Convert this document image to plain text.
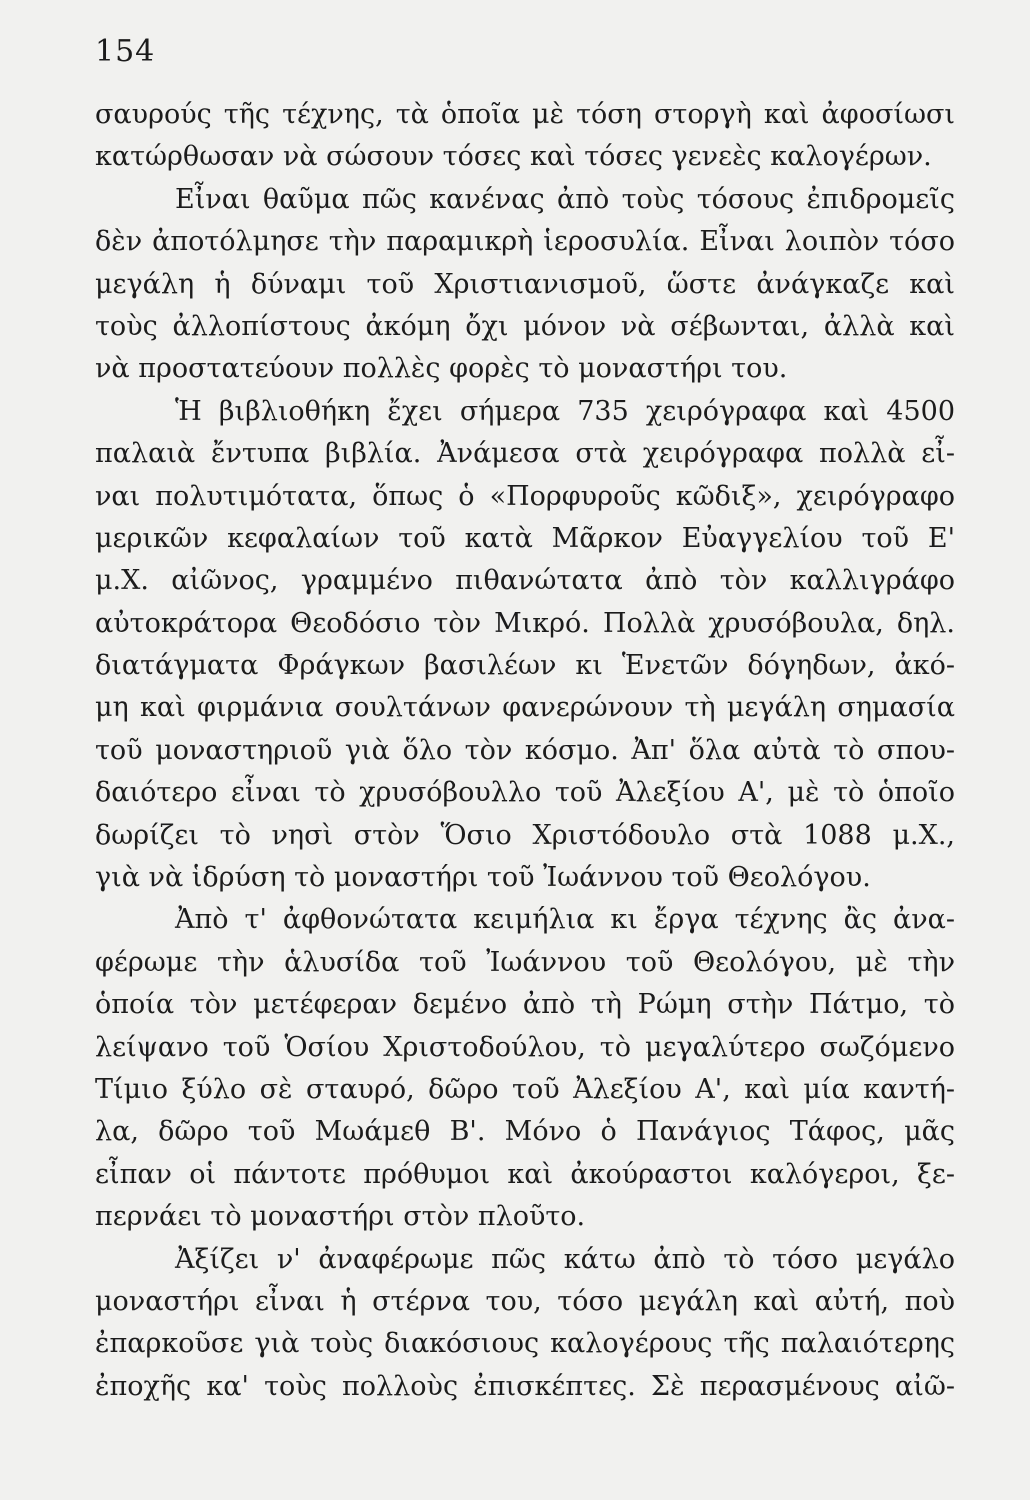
154
σαυρούς τῆς τέχνης, τὰ ὁποῖα μὲ τόση στοργὴ καὶ ἀφοσίωσι
κατώρθωσαν νὰ σώσουν τόσες καὶ τόσες γενεὲς καλογέρων.
Εἶναι θαῦμα πῶς κανένας ἀπὸ τοὺς τόσους ἐπιδρομεῖς
δὲν ἀποτόλμησε τὴν παραμικρὴ ἱεροσυλία. Εἶναι λοιπὸν τόσο
μεγάλη ἡ δύναμι τοῦ Χριστιανισμοῦ, ὥστε ἀνάγκαζε καὶ
τοὺς ἀλλοπίστους ἀκόμη ὄχι μόνον νὰ σέβωνται, ἀλλὰ καὶ
νὰ προστατεύουν πολλὲς φορὲς τὸ μοναστήρι του.
Ἡ βιβλιοθήκη ἔχει σήμερα 735 χειρόγραφα καὶ 4500
παλαιὰ ἔντυπα βιβλία. Ἀνάμεσα στὰ χειρόγραφα πολλὰ εἶ-
ναι πολυτιμότατα, ὅπως ὁ «Πορφυροῦς κῶδιξ», χειρόγραφο
μερικῶν κεφαλαίων τοῦ κατὰ Μᾶρκον Εὐαγγελίου τοῦ Ε'
μ.Χ. αἰῶνος, γραμμένο πιθανώτατα ἀπὸ τὸν καλλιγράφο
αὐτοκράτορα Θεοδόσιο τὸν Μικρό. Πολλὰ χρυσόβουλα, δηλ.
διατάγματα Φράγκων βασιλέων κι Ἑνετῶν δόγηδων, ἀκό-
μη καὶ φιρμάνια σουλτάνων φανερώνουν τὴ μεγάλη σημασία
τοῦ μοναστηριοῦ γιὰ ὅλο τὸν κόσμο. Ἀπ' ὅλα αὐτὰ τὸ σπου-
δαιότερο εἶναι τὸ χρυσόβουλλο τοῦ Ἀλεξίου Α', μὲ τὸ ὁποῖο
δωρίζει τὸ νησὶ στὸν Ὅσιο Χριστόδουλο στὰ 1088 μ.Χ.,
γιὰ νὰ ἱδρύση τὸ μοναστήρι τοῦ Ἰωάννου τοῦ Θεολόγου.
Ἀπὸ τ' ἀφθονώτατα κειμήλια κι ἔργα τέχνης ἂς ἀνα-
φέρωμε τὴν ἁλυσίδα τοῦ Ἰωάννου τοῦ Θεολόγου, μὲ τὴν
ὁποία τὸν μετέφεραν δεμένο ἀπὸ τὴ Ρώμη στὴν Πάτμο, τὸ
λείψανο τοῦ Ὁσίου Χριστοδούλου, τὸ μεγαλύτερο σωζόμενο
Τίμιο ξύλο σὲ σταυρό, δῶρο τοῦ Ἀλεξίου Α', καὶ μία καντή-
λα, δῶρο τοῦ Μωάμεθ Β'. Μόνο ὁ Πανάγιος Τάφος, μᾶς
εἶπαν οἱ πάντοτε πρόθυμοι καὶ ἀκούραστοι καλόγεροι, ξε-
περνάει τὸ μοναστήρι στὸν πλοῦτο.
Ἀξίζει ν' ἀναφέρωμε πῶς κάτω ἀπὸ τὸ τόσο μεγάλο
μοναστήρι εἶναι ἡ στέρνα του, τόσο μεγάλη καὶ αὐτή, ποὺ
ἐπαρκοῦσε γιὰ τοὺς διακόσιους καλογέρους τῆς παλαιότερης
ἐποχῆς κα' τοὺς πολλοὺς ἐπισκέπτες. Σὲ περασμένους αἰῶ-
